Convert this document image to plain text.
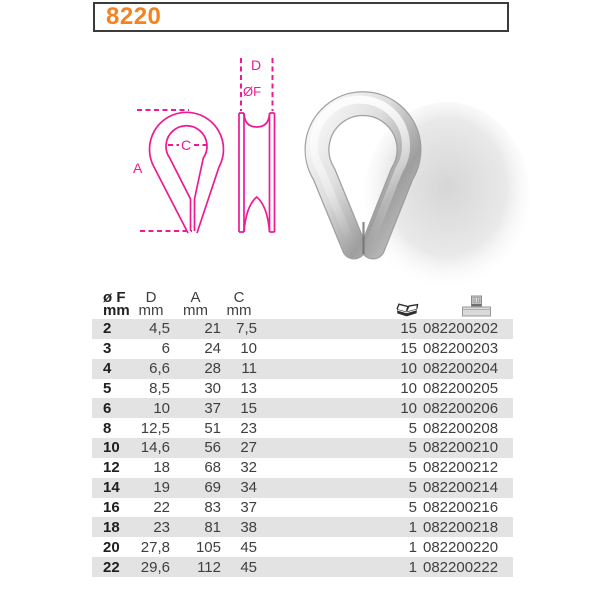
8220
A
C
D
ØF
ø F
mm
D
mm
A
mm
C
mm
2	4,5	21	7,5	15 082200202
3	6	24	10	15 082200203
4	6,6	28	11	10 082200204
5	8,5	30	13	10 082200205
6	10	37	15	10 082200206
8	12,5	51	23	5 082200208
10	14,6	56	27	5 082200210
12	18	68	32	5 082200212
14	19	69	34	5 082200214
16	22	83	37	5 082200216
18	23	81	38	1 082200218
20	27,8	105	45	1 082200220
22	29,6	112	45	1 082200222
